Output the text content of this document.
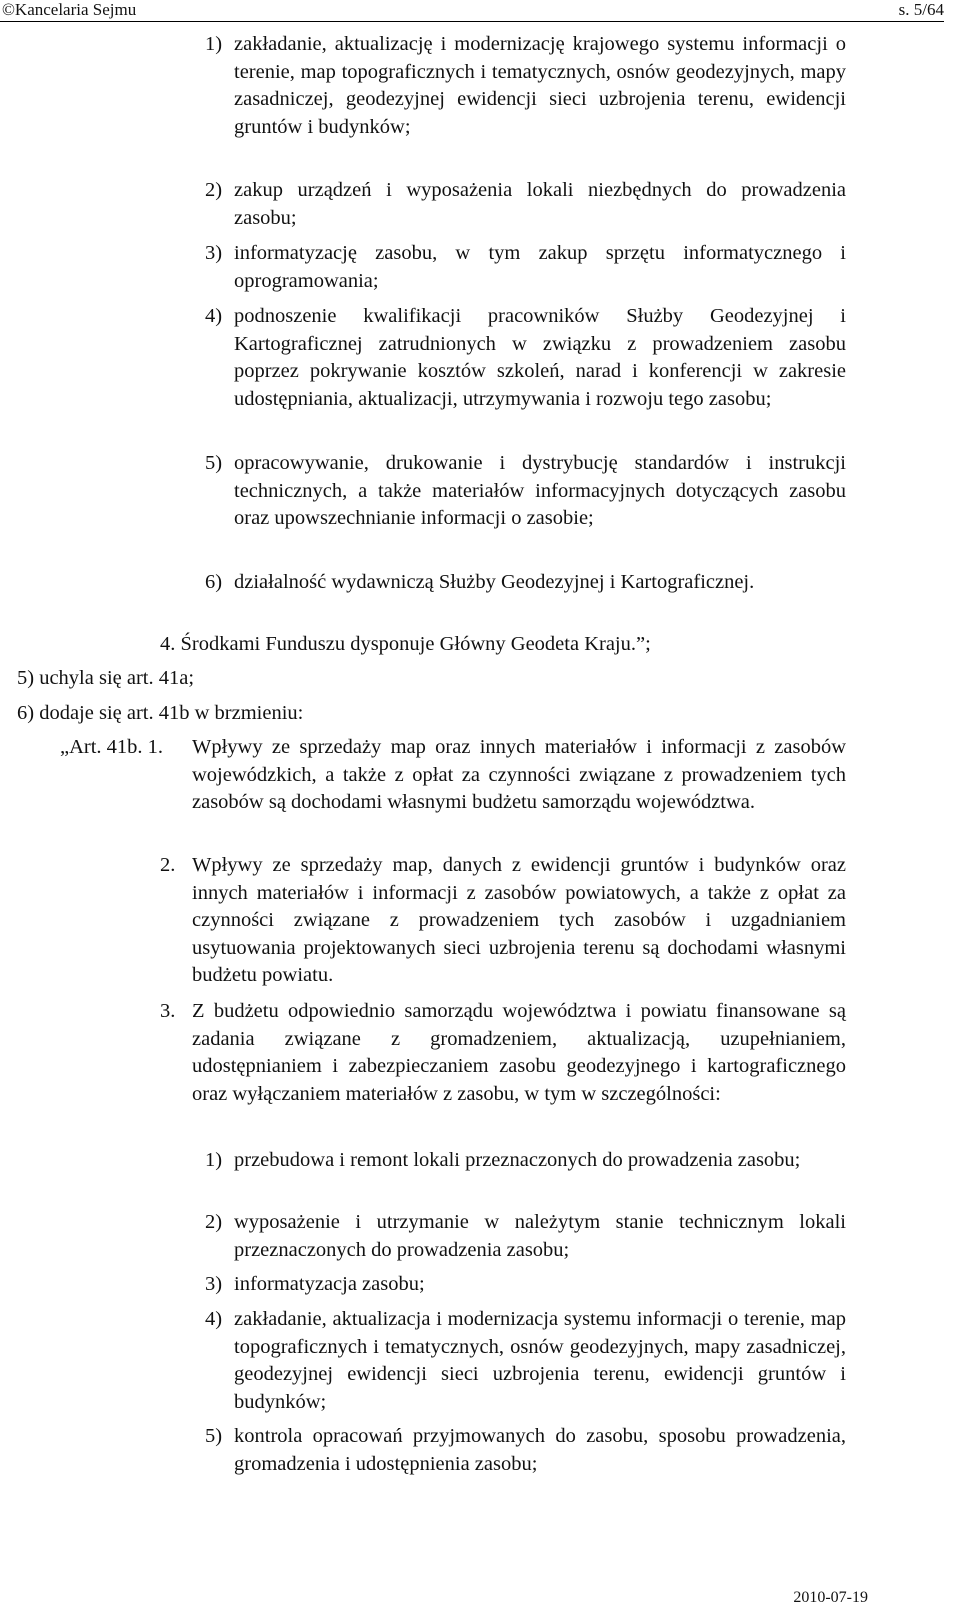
©Kancelaria Sejmu	s. 5/64
1) zakładanie, aktualizację i modernizację krajowego systemu informacji o terenie, map topograficznych i tematycznych, osnów geodezyjnych, mapy zasadniczej, geodezyjnej ewidencji sieci uzbrojenia terenu, ewidencji gruntów i budynków;
2) zakup urządzeń i wyposażenia lokali niezbędnych do prowadzenia zasobu;
3) informatyzację zasobu, w tym zakup sprzętu informatycznego i oprogramowania;
4) podnoszenie kwalifikacji pracowników Służby Geodezyjnej i Kartograficznej zatrudnionych w związku z prowadzeniem zasobu poprzez pokrywanie kosztów szkoleń, narad i konferencji w zakresie udostępniania, aktualizacji, utrzymywania i rozwoju tego zasobu;
5) opracowywanie, drukowanie i dystrybucję standardów i instrukcji technicznych, a także materiałów informacyjnych dotyczących zasobu oraz upowszechnianie informacji o zasobie;
6) działalność wydawniczą Służby Geodezyjnej i Kartograficznej.
4. Środkami Funduszu dysponuje Główny Geodeta Kraju.”;
5) uchyla się art. 41a;
6) dodaje się art. 41b w brzmieniu:
„Art. 41b. 1. Wpływy ze sprzedaży map oraz innych materiałów i informacji z zasobów wojewódzkich, a także z opłat za czynności związane z prowadzeniem tych zasobów są dochodami własnymi budżetu samorządu województwa.
2. Wpływy ze sprzedaży map, danych z ewidencji gruntów i budynków oraz innych materiałów i informacji z zasobów powiatowych, a także z opłat za czynności związane z prowadzeniem tych zasobów i uzgadnianiem usytuowania projektowanych sieci uzbrojenia terenu są dochodami własnymi budżetu powiatu.
3. Z budżetu odpowiednio samorządu województwa i powiatu finansowane są zadania związane z gromadzeniem, aktualizacją, uzupełnianiem, udostępnianiem i zabezpieczaniem zasobu geodezyjnego i kartograficznego oraz wyłączaniem materiałów z zasobu, w tym w szczególności:
1) przebudowa i remont lokali przeznaczonych do prowadzenia zasobu;
2) wyposażenie i utrzymanie w należytym stanie technicznym lokali przeznaczonych do prowadzenia zasobu;
3) informatyzacja zasobu;
4) zakładanie, aktualizacja i modernizacja systemu informacji o terenie, map topograficznych i tematycznych, osnów geodezyjnych, mapy zasadniczej, geodezyjnej ewidencji sieci uzbrojenia terenu, ewidencji gruntów i budynków;
5) kontrola opracowań przyjmowanych do zasobu, sposobu prowadzenia, gromadzenia i udostępnienia zasobu;
2010-07-19
